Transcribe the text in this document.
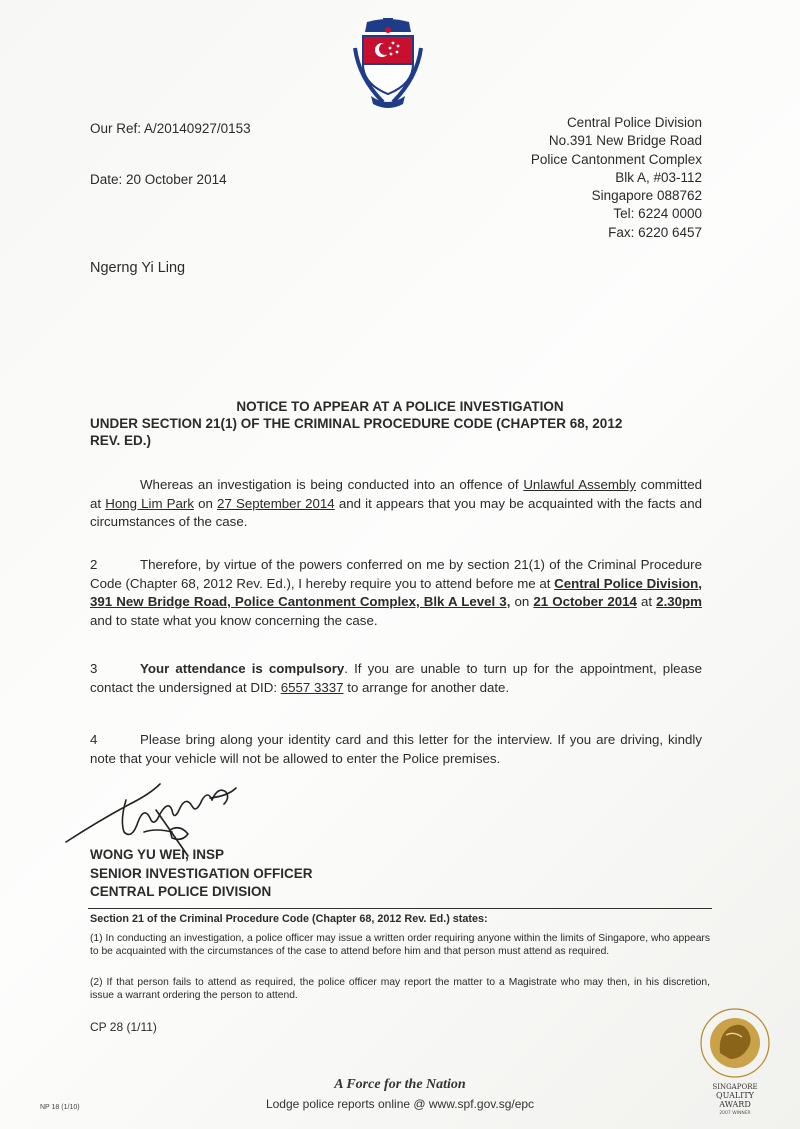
Our Ref: A/20140927/0153
Date: 20 October 2014
Central Police Division
No.391 New Bridge Road
Police Cantonment Complex
Blk A, #03-112
Singapore 088762
Tel: 6224 0000
Fax: 6220 6457
Ngerng Yi Ling
NOTICE TO APPEAR AT A POLICE INVESTIGATION
UNDER SECTION 21(1) OF THE CRIMINAL PROCEDURE CODE (CHAPTER 68, 2012
REV. ED.)
Whereas an investigation is being conducted into an offence of Unlawful Assembly committed at Hong Lim Park on 27 September 2014 and it appears that you may be acquainted with the facts and circumstances of the case.
2	Therefore, by virtue of the powers conferred on me by section 21(1) of the Criminal Procedure Code (Chapter 68, 2012 Rev. Ed.), I hereby require you to attend before me at Central Police Division, 391 New Bridge Road, Police Cantonment Complex, Blk A Level 3, on 21 October 2014 at 2.30pm and to state what you know concerning the case.
3	Your attendance is compulsory. If you are unable to turn up for the appointment, please contact the undersigned at DID: 6557 3337 to arrange for another date.
4	Please bring along your identity card and this letter for the interview. If you are driving, kindly note that your vehicle will not be allowed to enter the Police premises.
WONG YU WEI, INSP
SENIOR INVESTIGATION OFFICER
CENTRAL POLICE DIVISION
Section 21 of the Criminal Procedure Code (Chapter 68, 2012 Rev. Ed.) states:
(1) In conducting an investigation, a police officer may issue a written order requiring anyone within the limits of Singapore, who appears to be acquainted with the circumstances of the case to attend before him and that person must attend as required.
(2) If that person fails to attend as required, the police officer may report the matter to a Magistrate who may then, in his discretion, issue a warrant ordering the person to attend.
CP 28 (1/11)
SINGAPORE
QUALITY
AWARD
2007 WINNER
A Force for the Nation
Lodge police reports online @ www.spf.gov.sg/epc
NP 18 (1/10)
